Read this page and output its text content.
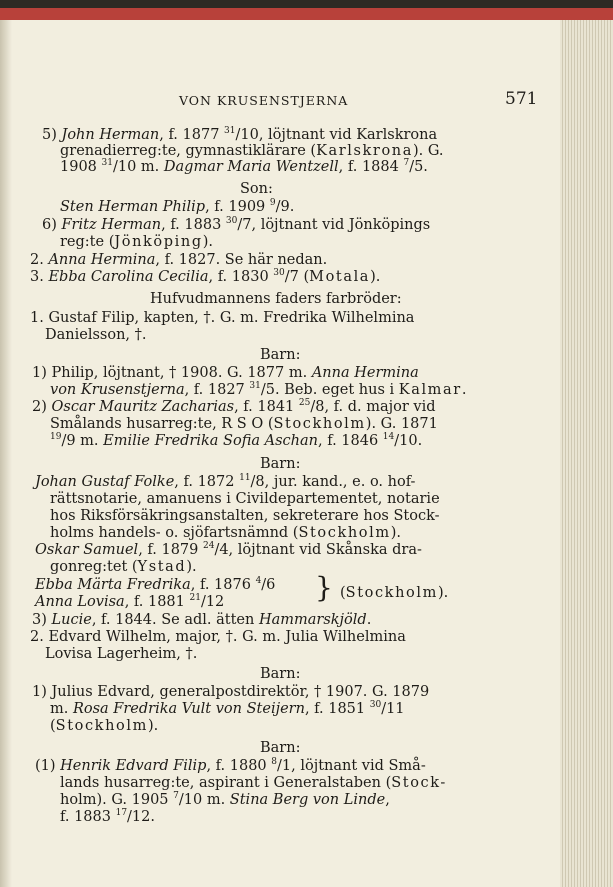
VON KRUSENSTJERNA	571
5) John Herman, f. 1877 $^{31}$/10, löjtnant vid Karlskrona
grenadierreg:te, gymnastiklärare (Karlskrona). G.
1908 $^{31}$/10 m. Dagmar Maria Wentzell, f. 1884 $^7$/5.
Son:
Sten Herman Philip, f. 1909 $^9$/9.
6) Fritz Herman, f. 1883 $^{30}$/7, löjtnant vid Jönköpings
reg:te (Jönköping).
2. Anna Hermina, f. 1827. Se här nedan.
3. Ebba Carolina Cecilia, f. 1830 $^{30}$/7 (Motala).
Hufvudmannens faders farbröder:
1. Gustaf Filip, kapten, †. G. m. Fredrika Wilhelmina
Danielsson, †.
Barn:
1) Philip, löjtnant, † 1908. G. 1877 m. Anna Hermina
von Krusenstjerna, f. 1827 $^{31}$/5. Beb. eget hus i Kalmar.
2) Oscar Mauritz Zacharias, f. 1841 $^{25}$/8, f. d. major vid
Smålands husarreg:te, R S O (Stockholm). G. 1871
$^{19}$/9 m. Emilie Fredrika Sofia Aschan, f. 1846 $^{14}$/10.
Barn:
Johan Gustaf Folke, f. 1872 $^{11}$/8, jur. kand., e. o. hof-
rättsnotarie, amanuens i Civildepartementet, notarie
hos Riksförsäkringsanstalten, sekreterare hos Stock-
holms handels- o. sjöfartsnämnd (Stockholm).
Oskar Samuel, f. 1879 $^{24}$/4, löjtnant vid Skånska dra-
gonreg:tet (Ystad).
Ebba Märta Fredrika, f. 1876 $^4$/6
Anna Lovisa, f. 1881 $^{21}$/12	} (Stockholm).
3) Lucie, f. 1844. Se adl. ätten Hammarskjöld.
2. Edvard Wilhelm, major, †. G. m. Julia Wilhelmina
Lovisa Lagerheim, †.
Barn:
1) Julius Edvard, generalpostdirektör, † 1907. G. 1879
m. Rosa Fredrika Vult von Steijern, f. 1851 $^{30}$/11
(Stockholm).
Barn:
(1) Henrik Edvard Filip, f. 1880 $^8$/1, löjtnant vid Små-
lands husarreg:te, aspirant i Generalstaben (Stock-
holm). G. 1905 $^7$/10 m. Stina Berg von Linde,
f. 1883 $^{17}$/12.
